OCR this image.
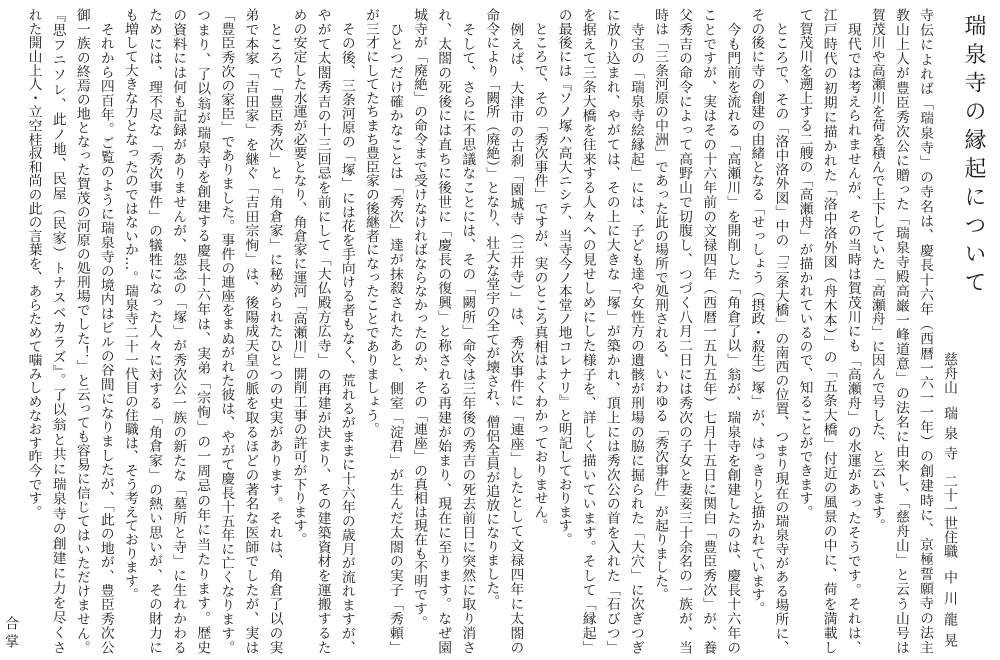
瑞泉寺の縁起について
慈舟山瑞泉寺二十一世住職中川龍晃
寺伝によれば「瑞泉寺」の寺名は、慶長十六年（西暦一六一一年）の創建時に、京極誓願寺の法主
教山上人が豊臣秀次公に贈った「瑞泉寺殿高巌一峰道意」の法名に由来し、「慈舟山」と云う山号は
賀茂川や高瀬川を荷を積んで上下していた「高瀬舟」に因んで号した、と云います。
　現代では考えられませんが、その当時は賀茂川にも「高瀬舟」の水運があったそうです。それは、
江戸時代の初期に描かれた「洛中洛外図（舟木本）」の「五条大橋」付近の風景の中に、荷を満載し
て賀茂川を遡上する二艘の「高瀬舟」が描かれているので、知ることができます。
　ところで、その「洛中洛外図」中の「三条大橋」の南西の位置、つまり現在の瑞泉寺がある場所に、
その後に寺の創建の由緒となる「せっしょう（摂政・殺生）塚」が、はっきりと描かれています。
　今も門前を流れる「高瀬川」を開削した「角倉了以」翁が、瑞泉寺を創建したのは、慶長十六年の
ことですが、実はその十六年前の文禄四年（西暦一五九五年）七月十五日に関白「豊臣秀次」が、養
父秀吉の命令によって高野山で切腹し、つづく八月二日には秀次の子女と妻妾三十余名の一族が、当
時は「三条河原の中洲」であった此の場所で処刑される、いわゆる「秀次事件」が起りました。
　寺宝の「瑞泉寺絵縁起」には、子ども達や女性方の遺骸が刑場の脇に掘られた「大穴」に次ぎつぎ
に放り込まれ、やがては、その上に大きな「塚」が築かれ、頂上には秀次公の首を入れた「石びつ」
を据えて三条大橋を往来する人々への見せしめにした様子を、詳しく描いています。そして「縁起」
の最後には『ソノ塚ハ高大ニシテ、当寺今ノ本堂ノ地コレナリ』と明記しております。
　ところで、その「秀次事件」ですが、実のところ真相はよくわかっておりません。
　例えば、大津市の古刹「園城寺（三井寺）」は、秀次事件に「連座」したとして文禄四年に太閤の
命令により「闕所（廃絶）」となり、壮大な堂宇の全てが壊され、僧侶全員が追放になりました。
　そして、さらに不思議なことには、その「闕所」命令は三年後の秀吉の死去前日に突然に取り消さ
れ、太閤の死後には直ちに後世に「慶長の復興」と称される再建が始まり、現在に至ります。なぜ園
城寺が「廃絶」の命令まで受けなければならなかったのか、その「連座」の真相は現在も不明です。
　ひとつだけ確かなことは「秀次」達が抹殺されたあと、側室「淀君」が生んだ太閤の実子「秀頼」
が三才にしてたちまち豊臣家の後継者になったことでありましょう。
　その後、三条河原の「塚」には花を手向ける者もなく、荒れるがままに十六年の歳月が流れますが、
やがて太閤秀吉の十三回忌を前にして「大仏殿方広寺」の再建が決まり、その建築資材を運搬するた
めの安定した水運が必要となり、角倉家に運河「高瀬川」開削工事の許可が下ります。
　ところで「豊臣秀次」と「角倉家」に秘められたひとつの史実があります。それは、角倉了以の実
弟で本家「吉田家」を継ぐ「吉田宗恂」は、後陽成天皇の脈を取るほどの著名な医師でしたが、実は
「豊臣秀次の家臣」でありました。事件の連座をまぬがれた彼は、やがて慶長十五年に亡くなります。
つまり、了以翁が瑞泉寺を創建する慶長十六年は、実弟「宗恂」の一周忌の年に当たります。歴史
の資料には何も記録がありませんが、怨念の「塚」が秀次公一族の新たな「墓所と寺」に生れかわる
ためには、理不尽な「秀次事件」の犠牲になった人々に対する「角倉家」の熱い思いが、その財力に
も増して大きな力となったのではないか…。瑞泉寺二十一代目の住職は、そう考えております。
　それから四百年。ご覧のように瑞泉寺の境内はビルの谷間になりましたが、「此の地が、豊臣秀次公
御一族の終焉の地となった賀茂の河原の処刑場でした！」と云っても容易に信じてはいただけません。
『思フニソレ、此ノ地、民屋（民家）トナスベカラズ』。了以翁と共に瑞泉寺の創建に力を尽くさ
れた開山上人・立空桂叔和尚の此の言葉を、あらためて噛みしめなおす昨今です。
合掌
